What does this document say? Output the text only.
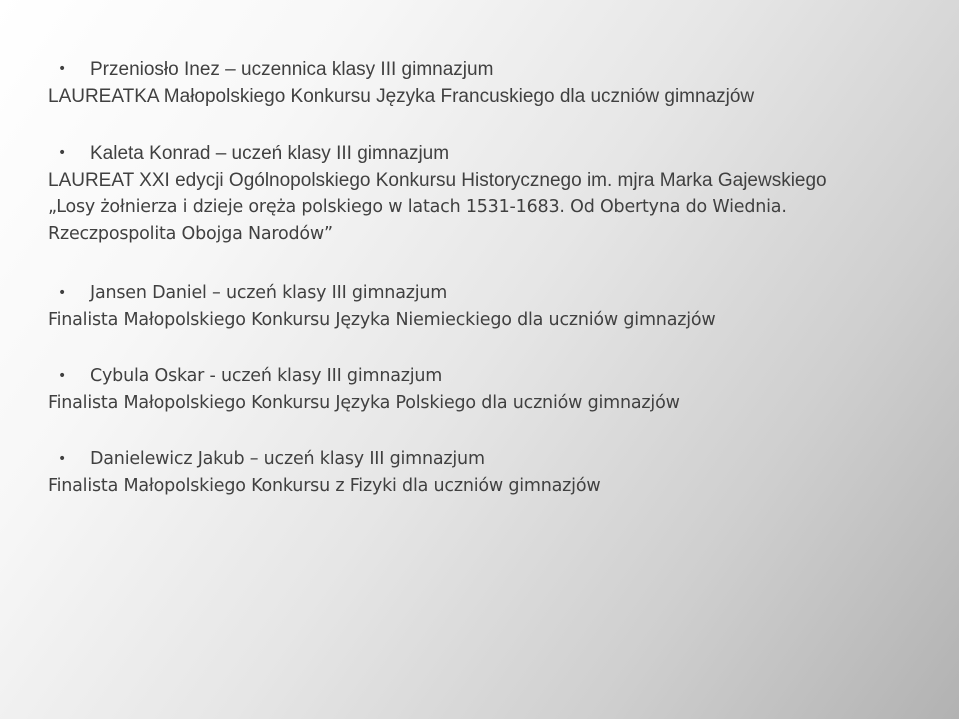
• Przeniosło Inez – uczennica klasy III gimnazjum
LAUREATKA Małopolskiego Konkursu Języka Francuskiego dla uczniów gimnazjów
• Kaleta Konrad – uczeń klasy III gimnazjum
LAUREAT XXI edycji Ogólnopolskiego Konkursu Historycznego im. mjra Marka Gajewskiego
„Losy żołnierza i dzieje oręża polskiego w latach 1531-1683. Od Obertyna do Wiednia.
Rzeczpospolita Obojga Narodów”
• Jansen Daniel – uczeń klasy III gimnazjum
Finalista Małopolskiego Konkursu Języka Niemieckiego dla uczniów gimnazjów
• Cybula Oskar - uczeń klasy III gimnazjum
Finalista Małopolskiego Konkursu Języka Polskiego dla uczniów gimnazjów
• Danielewicz Jakub – uczeń klasy III gimnazjum
Finalista Małopolskiego Konkursu z Fizyki dla uczniów gimnazjów
